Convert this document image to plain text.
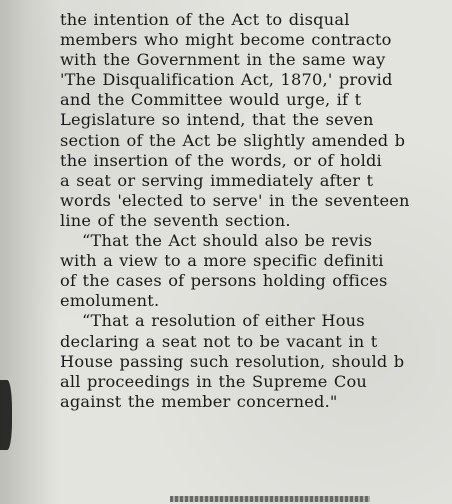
the intention of the Act to disqual
members who might become contracto
with the Government in the same way
'The Disqualification Act, 1870,' provid
and the Committee would urge, if t
Legislature so intend, that the seven
section of the Act be slightly amended b
the insertion of the words, or of holdi
a seat or serving immediately after t
words 'elected to serve' in the seventeen
line of the seventh section.
“That the Act should also be revis
with a view to a more specific definiti
of the cases of persons holding offices
emolument.
“That a resolution of either Hous
declaring a seat not to be vacant in t
House passing such resolution, should b
all proceedings in the Supreme Cou
against the member concerned."
